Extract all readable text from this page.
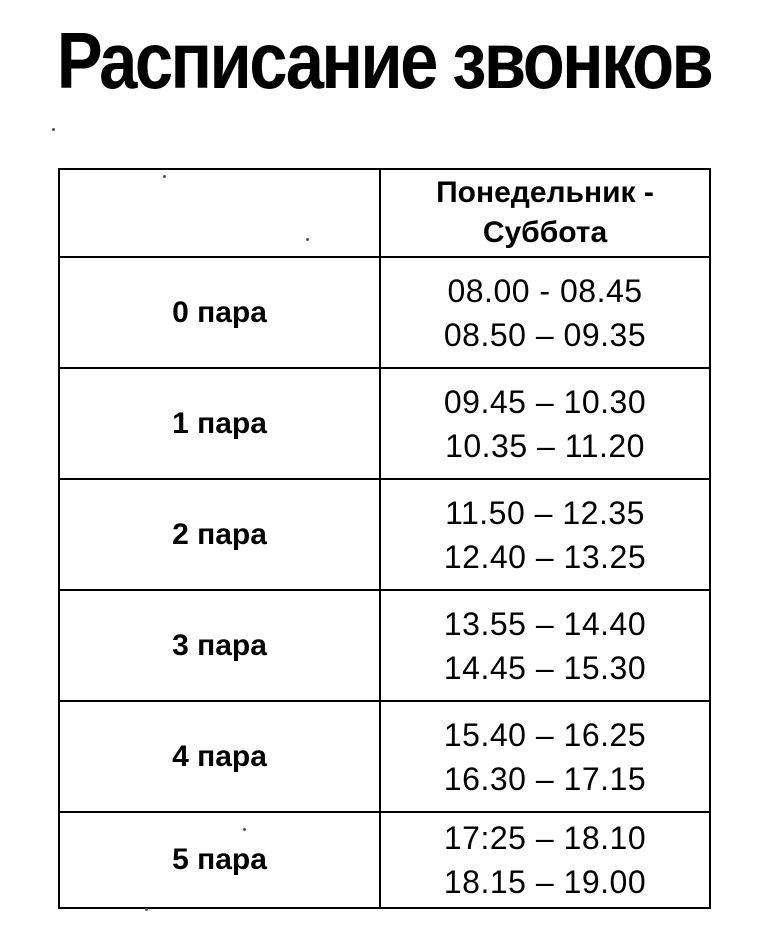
Расписание звонков

	Понедельник -
Суббота

0 пара	08.00 - 08.45
08.50 – 09.35

1 пара	09.45 – 10.30
10.35 – 11.20

2 пара	11.50 – 12.35
12.40 – 13.25

3 пара	13.55 – 14.40
14.45 – 15.30

4 пара	15.40 – 16.25
16.30 – 17.15

5 пара	17:25 – 18.10
18.15 – 19.00
